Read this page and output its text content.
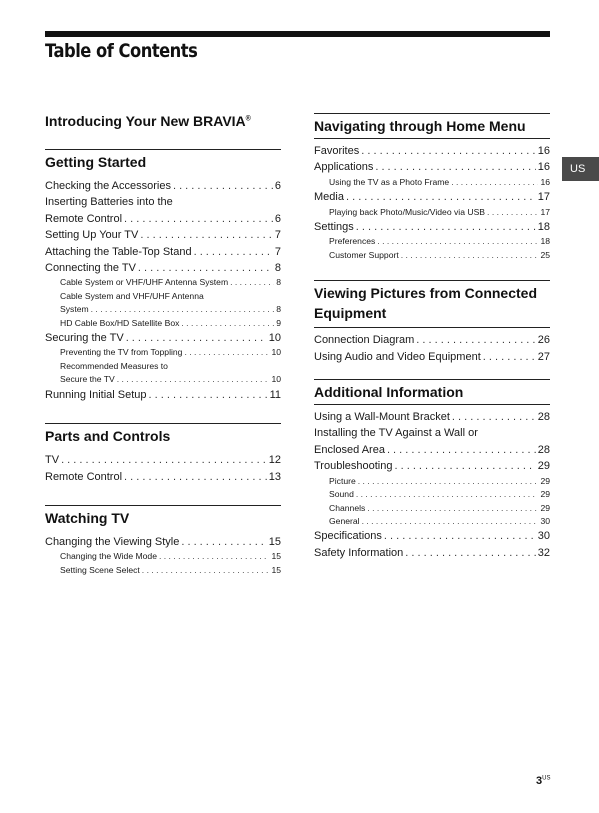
Table of Contents
US
Introducing Your New BRAVIA®
Getting Started
Checking the Accessories . . .	6
Inserting Batteries into the
Remote Control . . .	6
Setting Up Your TV . . .	7
Attaching the Table-Top Stand . . .	7
Connecting the TV . . .	8
Cable System or VHF/UHF Antenna System . . .	8
Cable System and VHF/UHF Antenna
System . . .	8
HD Cable Box/HD Satellite Box . . .	9
Securing the TV . . .	10
Preventing the TV from Toppling . . .	10
Recommended Measures to
Secure the TV . . .	10
Running Initial Setup . . .	11
Parts and Controls
TV . . .	12
Remote Control . . .	13
Watching TV
Changing the Viewing Style . . .	15
Changing the Wide Mode . . .	15
Setting Scene Select . . .	15
Navigating through Home Menu
Favorites . . .	16
Applications . . .	16
Using the TV as a Photo Frame . . .	16
Media . . .	17
Playing back Photo/Music/Video via USB . . .	17
Settings . . .	18
Preferences . . .	18
Customer Support . . .	25
Viewing Pictures from Connected
Equipment
Connection Diagram . . .	26
Using Audio and Video Equipment . . .	27
Additional Information
Using a Wall-Mount Bracket . . .	28
Installing the TV Against a Wall or
Enclosed Area . . .	28
Troubleshooting . . .	29
Picture . . .	29
Sound . . .	29
Channels . . .	29
General . . .	30
Specifications . . .	30
Safety Information . . .	32
$3^{US}$
